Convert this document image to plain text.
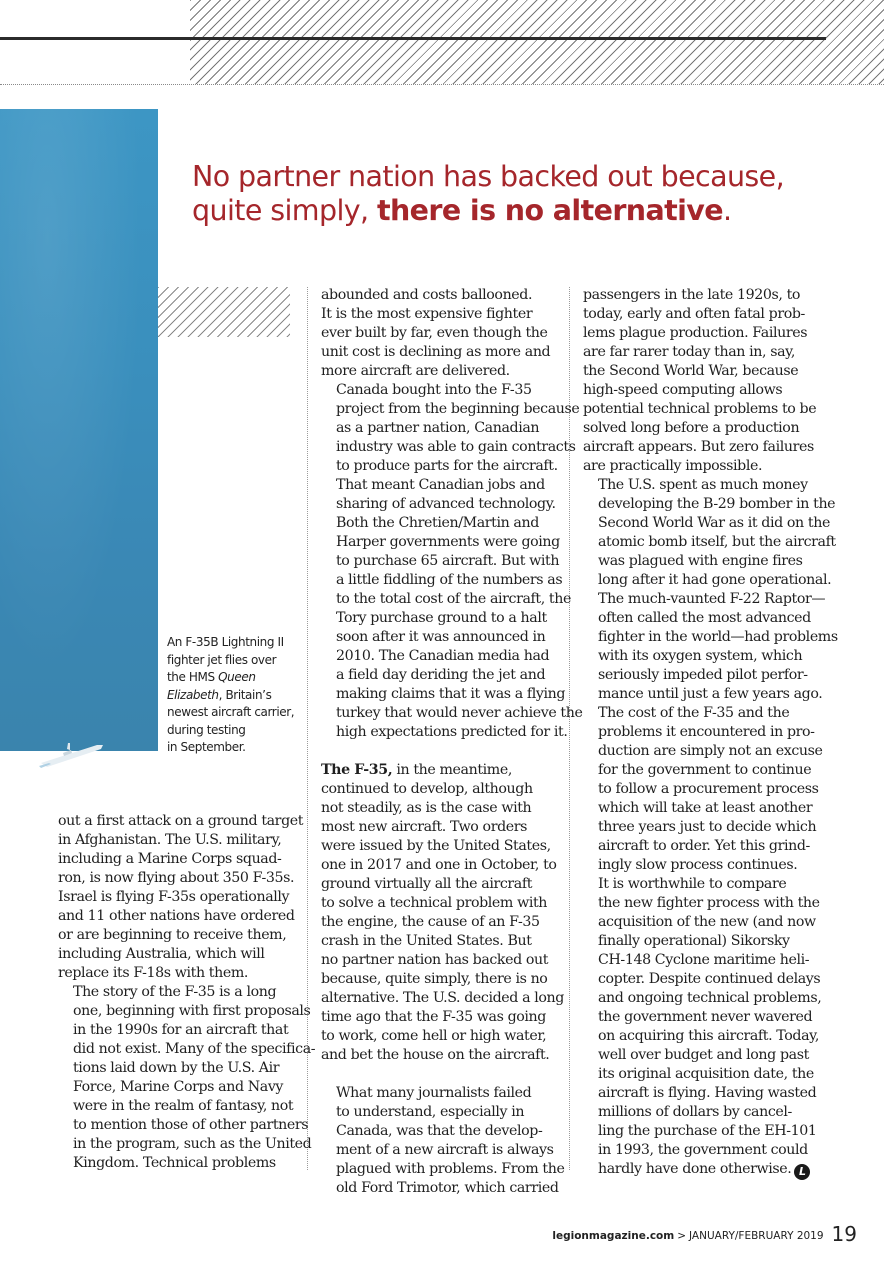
No partner nation has backed out because,
quite simply, there is no alternative.

An F-35B Lightning II

fighter jet flies over

the HMS Queen

Elizabeth, Britain’s

newest aircraft carrier,

during testing

in September.

out a first attack on a ground target
in Afghanistan. The U.S. military,
including a Marine Corps squad-
ron, is now flying about 350 F-35s.
Israel is flying F-35s operationally
and 11 other nations have ordered
or are beginning to receive them,
including Australia, which will
replace its F-18s with them.

The story of the F-35 is a long
one, beginning with first proposals
in the 1990s for an aircraft that
did not exist. Many of the specifica-
tions laid down by the U.S. Air
Force, Marine Corps and Navy
were in the realm of fantasy, not
to mention those of other partners
in the program, such as the United
Kingdom. Technical problems

abounded and costs ballooned.
It is the most expensive fighter
ever built by far, even though the
unit cost is declining as more and
more aircraft are delivered.

Canada bought into the F-35
project from the beginning because
as a partner nation, Canadian
industry was able to gain contracts
to produce parts for the aircraft.
That meant Canadian jobs and
sharing of advanced technology.
Both the Chretien/Martin and
Harper governments were going
to purchase 65 aircraft. But with
a little fiddling of the numbers as
to the total cost of the aircraft, the
Tory purchase ground to a halt
soon after it was announced in
2010. The Canadian media had
a field day deriding the jet and
making claims that it was a flying
turkey that would never achieve the
high expectations predicted for it.

The F-35, in the meantime,
continued to develop, although
not steadily, as is the case with
most new aircraft. Two orders
were issued by the United States,
one in 2017 and one in October, to
ground virtually all the aircraft
to solve a technical problem with
the engine, the cause of an F-35
crash in the United States. But
no partner nation has backed out
because, quite simply, there is no
alternative. The U.S. decided a long
time ago that the F-35 was going
to work, come hell or high water,
and bet the house on the aircraft.

What many journalists failed
to understand, especially in
Canada, was that the develop-
ment of a new aircraft is always
plagued with problems. From the
old Ford Trimotor, which carried

passengers in the late 1920s, to
today, early and often fatal prob-
lems plague production. Failures
are far rarer today than in, say,
the Second World War, because
high-speed computing allows
potential technical problems to be
solved long before a production
aircraft appears. But zero failures
are practically impossible.

The U.S. spent as much money
developing the B-29 bomber in the
Second World War as it did on the
atomic bomb itself, but the aircraft
was plagued with engine fires
long after it had gone operational.
The much-vaunted F-22 Raptor—
often called the most advanced
fighter in the world—had problems
with its oxygen system, which
seriously impeded pilot perfor-
mance until just a few years ago.

The cost of the F-35 and the
problems it encountered in pro-
duction are simply not an excuse
for the government to continue
to follow a procurement process
which will take at least another
three years just to decide which
aircraft to order. Yet this grind-
ingly slow process continues.

It is worthwhile to compare
the new fighter process with the
acquisition of the new (and now
finally operational) Sikorsky
CH-148 Cyclone maritime heli-
copter. Despite continued delays
and ongoing technical problems,
the government never wavered
on acquiring this aircraft. Today,
well over budget and long past
its original acquisition date, the
aircraft is flying. Having wasted
millions of dollars by cancel-
ling the purchase of the EH-101
in 1993, the government could
hardly have done otherwise. L

legionmagazine.com > JANUARY/FEBRUARY 2019 19
